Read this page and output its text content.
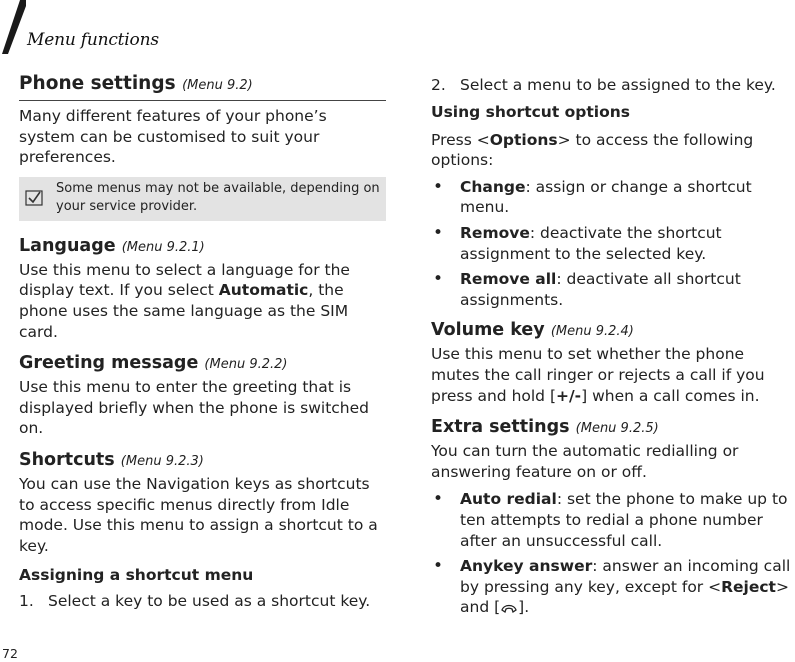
Menu functions
Phone settings (Menu 9.2)

Many different features of your phone’s system can be customised to suit your preferences.

Some menus may not be available, depending on your service provider.
Language (Menu 9.2.1)

Use this menu to select a language for the display text. If you select Automatic, the phone uses the same language as the SIM card.

Greeting message (Menu 9.2.2)

Use this menu to enter the greeting that is displayed briefly when the phone is switched on.

Shortcuts (Menu 9.2.3)

You can use the Navigation keys as shortcuts to access specific menus directly from Idle mode. Use this menu to assign a shortcut to a key.

Assigning a shortcut menu
1. Select a key to be used as a shortcut key.
2. Select a menu to be assigned to the key.
Using shortcut options

Press <Options> to access the following options:

• Change: assign or change a shortcut menu.
• Remove: deactivate the shortcut assignment to the selected key.
• Remove all: deactivate all shortcut assignments.
Volume key (Menu 9.2.4)

Use this menu to set whether the phone mutes the call ringer or rejects a call if you press and hold [+/-] when a call comes in.

Extra settings (Menu 9.2.5)

You can turn the automatic redialling or answering feature on or off.

• Auto redial: set the phone to make up to ten attempts to redial a phone number after an unsuccessful call.
• Anykey answer: answer an incoming call by pressing any key, except for <Reject> and [ ].
72
